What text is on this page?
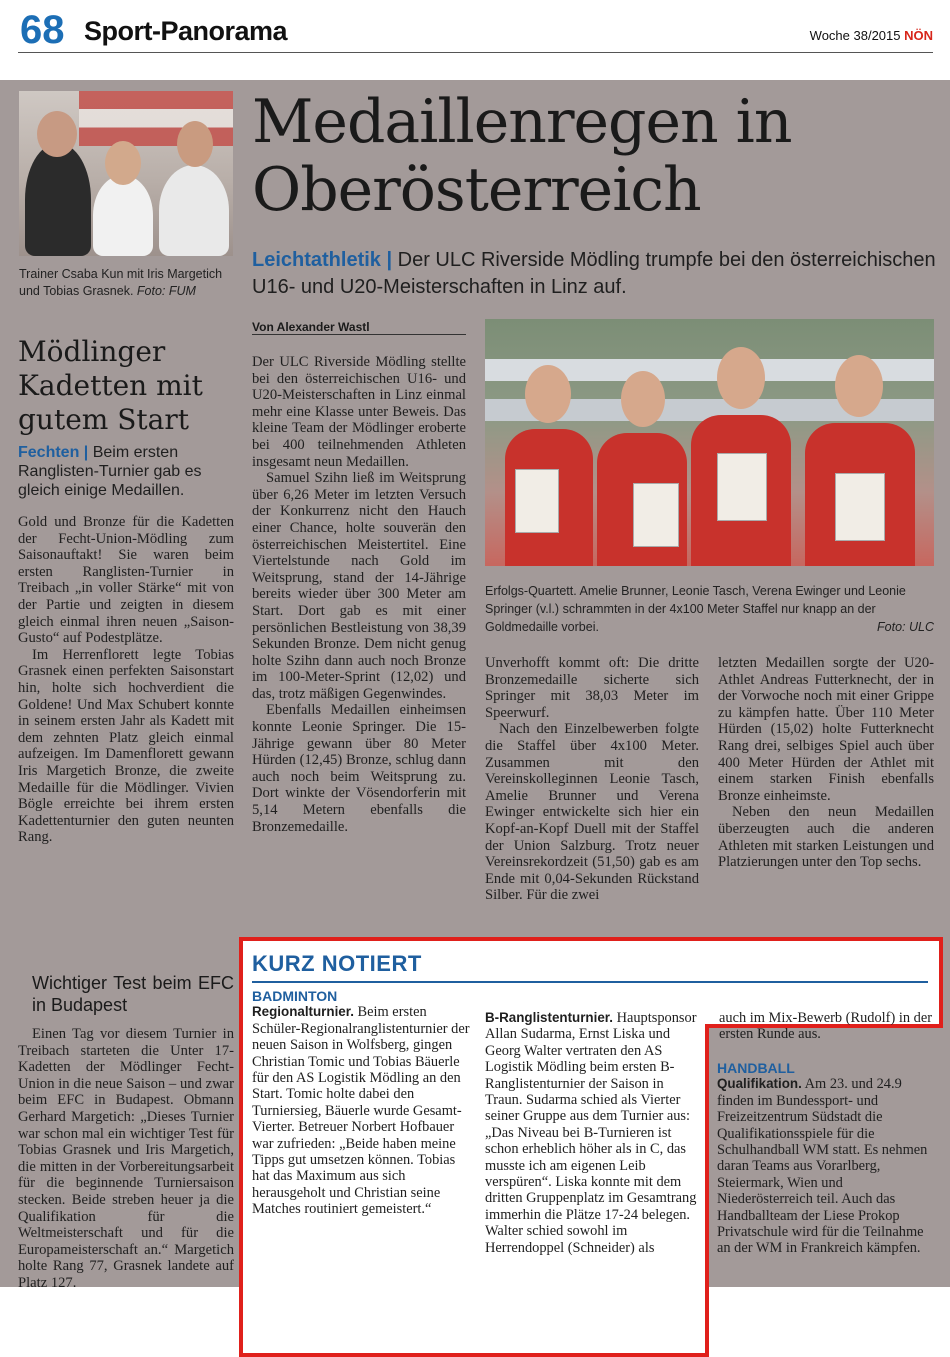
68 Sport-Panorama	Woche 38/2015 NÖN
Trainer Csaba Kun mit Iris Margetich und Tobias Grasnek. Foto: FUM
Medaillenregen in Oberösterreich
Leichtathletik | Der ULC Riverside Mödling trumpfe bei den österreichischen U16- und U20-Meisterschaften in Linz auf.
Von Alexander Wastl
Mödlinger Kadetten mit gutem Start
Fechten | Beim ersten Ranglisten-Turnier gab es gleich einige Medaillen.

Gold und Bronze für die Kadetten der Fecht-Union-Mödling zum Saisonauftakt! Sie waren beim ersten Ranglisten-Turnier in Treibach „in voller Stärke“ mit von der Partie und zeigten in diesem gleich einmal ihren neuen „Saison-Gusto“ auf Podestplätze.

Im Herrenflorett legte Tobias Grasnek einen perfekten Saisonstart hin, holte sich hochverdient die Goldene! Und Max Schubert konnte in seinem ersten Jahr als Kadett mit dem zehnten Platz gleich einmal aufzeigen. Im Damenflorett gewann Iris Margetich Bronze, die zweite Medaille für die Mödlinger. Vivien Bögle erreichte bei ihrem ersten Kadettenturnier den guten neunten Rang.

Wichtiger Test beim EFC in Budapest

Einen Tag vor diesem Turnier in Treibach starteten die Unter 17-Kadetten der Mödlinger Fecht-Union in die neue Saison – und zwar beim EFC in Budapest. Obmann Gerhard Margetich: „Dieses Turnier war schon mal ein wichtiger Test für Tobias Grasnek und Iris Margetich, die mitten in der Vorbereitungsarbeit für die beginnende Turniersaison stecken. Beide streben heuer ja die Qualifikation für die Weltmeisterschaft und für die Europameisterschaft an.“ Margetich holte Rang 77, Grasnek landete auf Platz 127.

Der ULC Riverside Mödling stellte bei den österreichischen U16- und U20-Meisterschaften in Linz einmal mehr eine Klasse unter Beweis. Das kleine Team der Mödlinger eroberte bei 400 teilnehmenden Athleten insgesamt neun Medaillen.

Samuel Szihn ließ im Weitsprung über 6,26 Meter im letzten Versuch der Konkurrenz nicht den Hauch einer Chance, holte souverän den österreichischen Meistertitel. Eine Viertelstunde nach Gold im Weitsprung, stand der 14-Jährige bereits wieder über 300 Meter am Start. Dort gab es mit einer persönlichen Bestleistung von 38,39 Sekunden Bronze. Dem nicht genug holte Szihn dann auch noch Bronze im 100-Meter-Sprint (12,02) und das, trotz mäßigen Gegenwindes.

Ebenfalls Medaillen einheimsen konnte Leonie Springer. Die 15-Jährige gewann über 80 Meter Hürden (12,45) Bronze, schlug dann auch noch beim Weitsprung zu. Dort winkte der Vösendorferin mit 5,14 Metern ebenfalls die Bronzemedaille.

Erfolgs-Quartett. Amelie Brunner, Leonie Tasch, Verena Ewinger und Leonie Springer (v.l.) schrammten in der 4x100 Meter Staffel nur knapp an der Goldmedaille vorbei.	Foto: ULC

Unverhofft kommt oft: Die dritte Bronzemedaille sicherte sich Springer mit 38,03 Meter im Speerwurf.

Nach den Einzelbewerben folgte die Staffel über 4x100 Meter. Zusammen mit den Vereinskolleginnen Leonie Tasch, Amelie Brunner und Verena Ewinger entwickelte sich hier ein Kopf-an-Kopf Duell mit der Staffel der Union Salzburg. Trotz neuer Vereinsrekordzeit (51,50) gab es am Ende mit 0,04-Sekunden Rückstand Silber. Für die zwei

letzten Medaillen sorgte der U20-Athlet Andreas Futterknecht, der in der Vorwoche noch mit einer Grippe zu kämpfen hatte. Über 110 Meter Hürden (15,02) holte Futterknecht Rang drei, selbiges Spiel auch über 400 Meter Hürden der Athlet mit einem starken Finish ebenfalls Bronze einheimste.

Neben den neun Medaillen überzeugten auch die anderen Athleten mit starken Leistungen und Platzierungen unter den Top sechs.

KURZ NOTIERT
BADMINTON
Regionalturnier. Beim ersten Schüler-Regionalranglistenturnier der neuen Saison in Wolfsberg, gingen Christian Tomic und Tobias Bäuerle für den AS Logistik Mödling an den Start. Tomic holte dabei den Turniersieg, Bäuerle wurde Gesamt-Vierter. Betreuer Norbert Hofbauer war zufrieden: „Beide haben meine Tipps gut umsetzen können. Tobias hat das Maximum aus sich herausgeholt und Christian seine Matches routiniert gemeistert.“
B-Ranglistenturnier. Hauptsponsor Allan Sudarma, Ernst Liska und Georg Walter vertraten den AS Logistik Mödling beim ersten B-Ranglistenturnier der Saison in Traun. Sudarma schied als Vierter seiner Gruppe aus dem Turnier aus: „Das Niveau bei B-Turnieren ist schon erheblich höher als in C, das musste ich am eigenen Leib verspüren“. Liska konnte mit dem dritten Gruppenplatz im Gesamtrang immerhin die Plätze 17-24 belegen. Walter schied sowohl im Herrendoppel (Schneider) als
auch im Mix-Bewerb (Rudolf) in der ersten Runde aus.
HANDBALL
Qualifikation. Am 23. und 24.9 finden im Bundessport- und Freizeitzentrum Südstadt die Qualifikationsspiele für die Schulhandball WM statt. Es nehmen daran Teams aus Vorarlberg, Steiermark, Wien und Niederösterreich teil. Auch das Handballteam der Liese Prokop Privatschule wird für die Teilnahme an der WM in Frankreich kämpfen.
